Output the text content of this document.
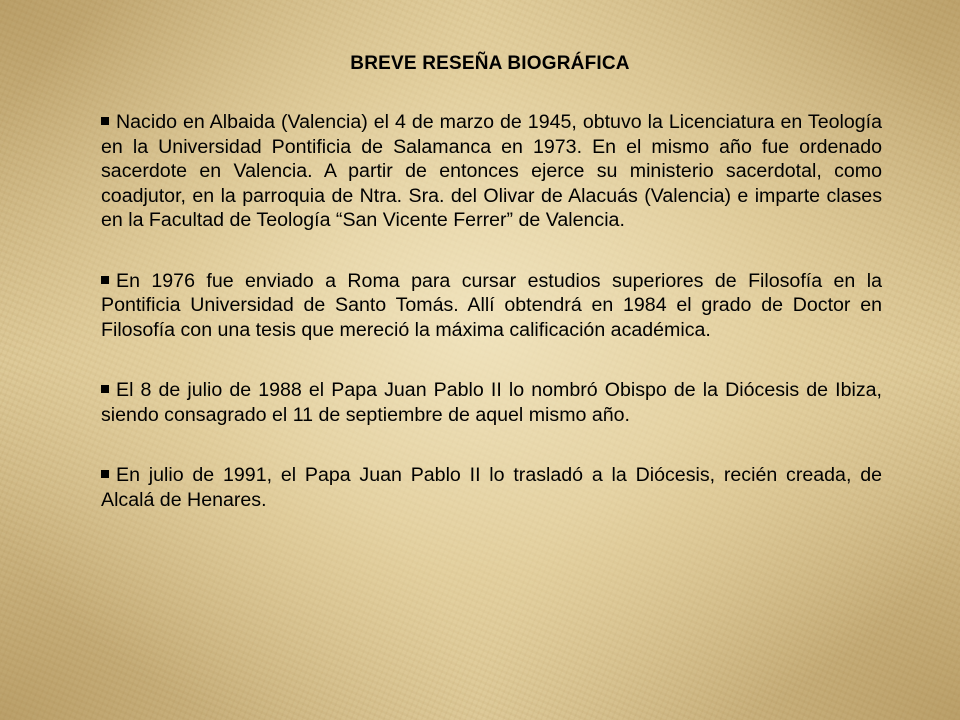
BREVE RESEÑA BIOGRÁFICA

Nacido en Albaida (Valencia) el 4 de marzo de 1945, obtuvo la Licenciatura en Teología en la Universidad Pontificia de Salamanca en 1973. En el mismo año fue ordenado sacerdote en Valencia. A partir de entonces ejerce su ministerio sacerdotal, como coadjutor, en la parroquia de Ntra. Sra. del Olivar de Alacuás (Valencia) e imparte clases en la Facultad de Teología “San Vicente Ferrer” de Valencia.

En 1976 fue enviado a Roma para cursar estudios superiores de Filosofía en la Pontificia Universidad de Santo Tomás. Allí obtendrá en 1984 el grado de Doctor en Filosofía con una tesis que mereció la máxima calificación académica.

El 8 de julio de 1988 el Papa Juan Pablo II lo nombró Obispo de la Diócesis de Ibiza, siendo consagrado el 11 de septiembre de aquel mismo año.

En julio de 1991, el Papa Juan Pablo II lo trasladó a la Diócesis, recién creada, de Alcalá de Henares.
